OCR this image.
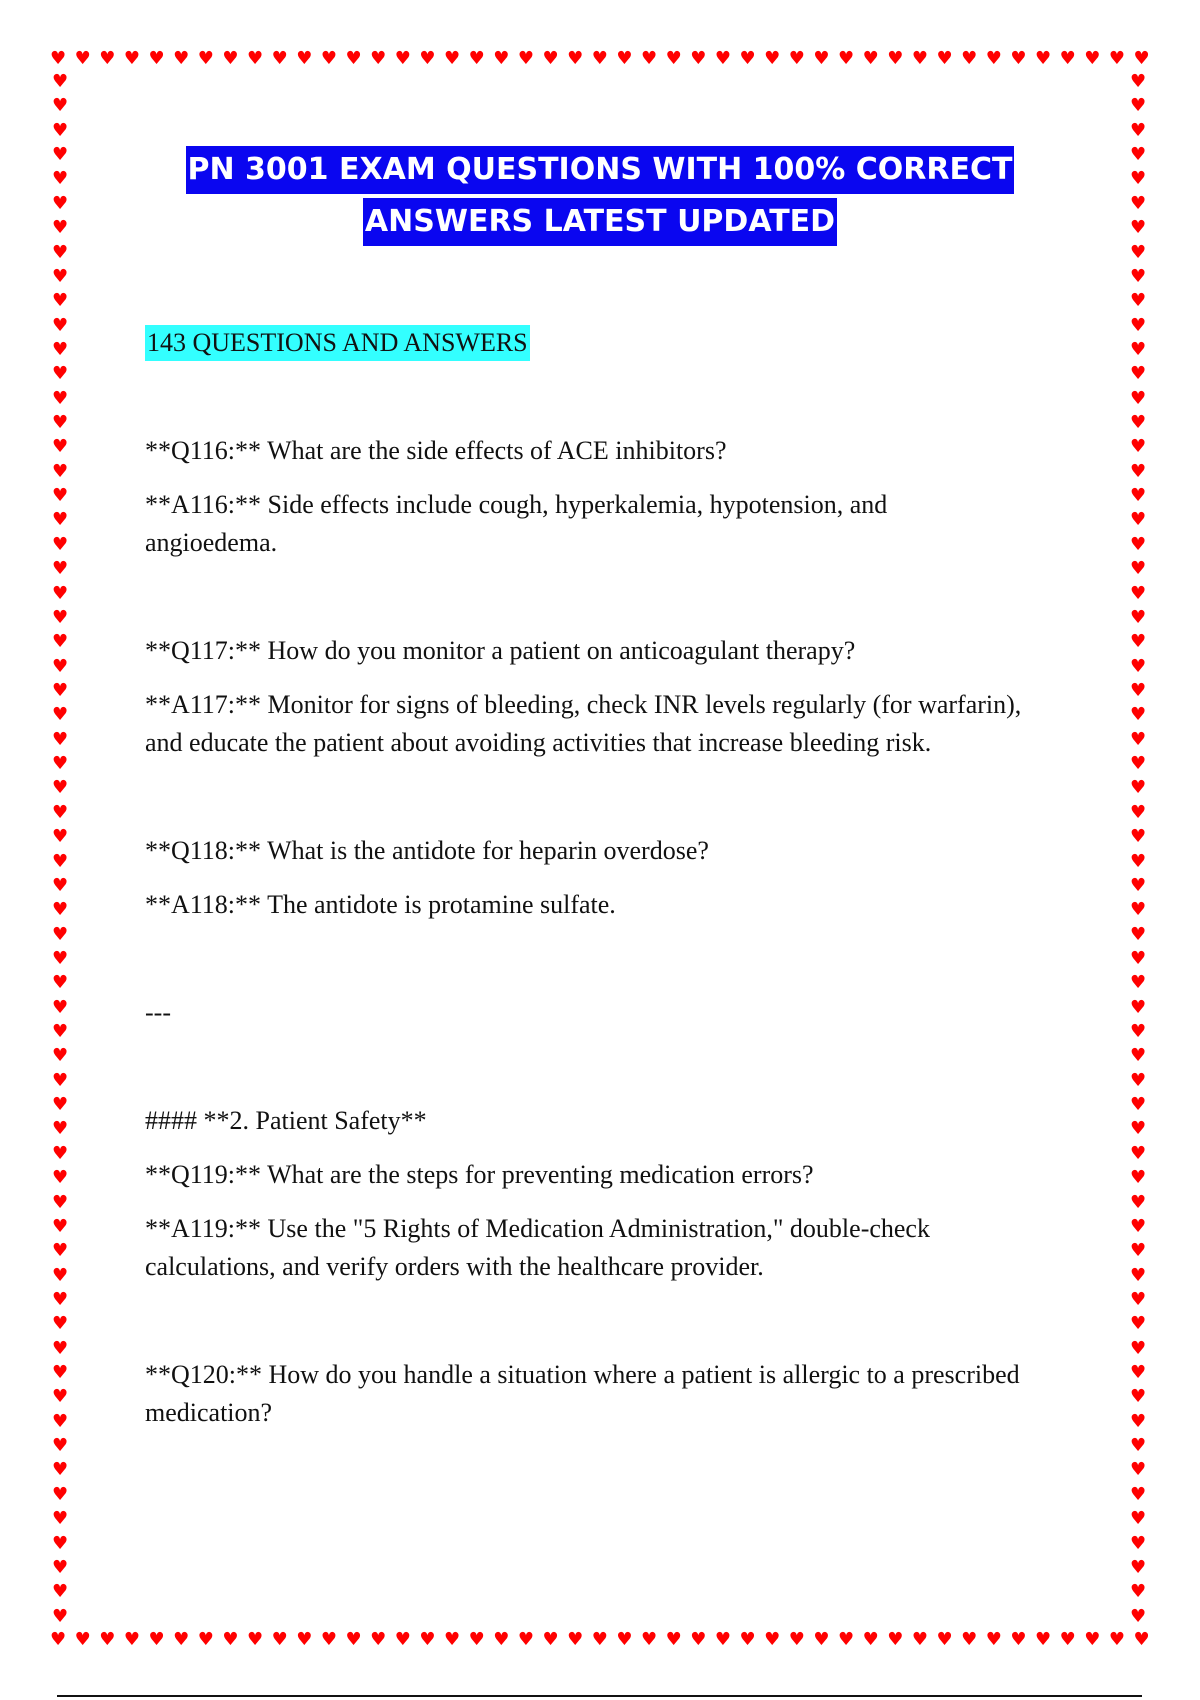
♥ ♥ ♥ ♥ ♥ ♥ ♥ ♥ ♥ ♥ ♥ ♥ ♥ ♥ ♥ ♥ ♥ ♥ ♥ ♥ ♥ ♥ ♥ ♥ ♥ ♥ ♥ ♥ ♥ ♥ ♥ ♥ ♥ ♥ ♥ ♥ ♥ ♥ ♥ ♥ ♥ ♥ ♥ ♥ ♥
♥ ♥ ♥ ♥ ♥ ♥ ♥ ♥ ♥ ♥ ♥ ♥ ♥ ♥ ♥ ♥ ♥ ♥ ♥ ♥ ♥ ♥ ♥ ♥ ♥ ♥ ♥ ♥ ♥ ♥ ♥ ♥ ♥ ♥ ♥ ♥ ♥ ♥ ♥ ♥ ♥ ♥ ♥ ♥ ♥
♥
♥
♥
♥
♥
♥
♥
♥
♥
♥
♥
♥
♥
♥
♥
♥
♥
♥
♥
♥
♥
♥
♥
♥
♥
♥
♥
♥
♥
♥
♥
♥
♥
♥
♥
♥
♥
♥
♥
♥
♥
♥
♥
♥
♥
♥
♥
♥
♥
♥
♥
♥
♥
♥
♥
♥
♥
♥
♥
♥
♥
♥
♥
♥
♥
♥
♥
♥
♥
♥
♥
♥
♥
♥
♥
♥
♥
♥
♥
♥
♥
♥
♥
♥
♥
♥
♥
♥
♥
♥
♥
♥
♥
♥
♥
♥
♥
♥
♥
♥
♥
♥
♥
♥
♥
♥
♥
♥
♥
♥
♥
♥
♥
♥
♥
♥
♥
♥
♥
♥
♥
♥
♥
♥
♥
♥
♥
♥
PN 3001 EXAM QUESTIONS WITH 100% CORRECT
ANSWERS LATEST UPDATED
143 QUESTIONS AND ANSWERS

**Q116:** What are the side effects of ACE inhibitors?

**A116:** Side effects include cough, hyperkalemia, hypotension, and angioedema.

**Q117:** How do you monitor a patient on anticoagulant therapy?

**A117:** Monitor for signs of bleeding, check INR levels regularly (for warfarin), and educate the patient about avoiding activities that increase bleeding risk.

**Q118:** What is the antidote for heparin overdose?

**A118:** The antidote is protamine sulfate.

---

#### **2. Patient Safety**

**Q119:** What are the steps for preventing medication errors?

**A119:** Use the "5 Rights of Medication Administration," double-check calculations, and verify orders with the healthcare provider.

**Q120:** How do you handle a situation where a patient is allergic to a prescribed medication?
